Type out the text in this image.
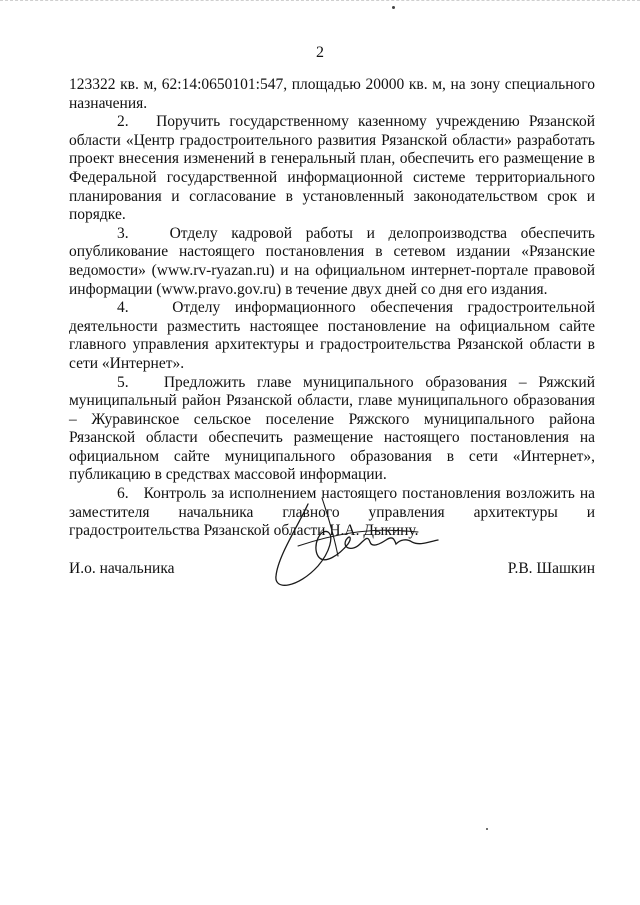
2

123322 кв. м, 62:14:0650101:547, площадью 20000 кв. м, на зону специального назначения.

2.   Поручить государственному казенному учреждению Рязанской области «Центр градостроительного развития Рязанской области» разработать проект внесения изменений в генеральный план, обеспечить его размещение в Федеральной государственной информационной системе территориального планирования и согласование в установленный законодательством срок и порядке.

3.   Отделу кадровой работы и делопроизводства обеспечить опубликование настоящего постановления в сетевом издании «Рязанские ведомости» (www.rv-ryazan.ru) и на официальном интернет-портале правовой информации (www.pravo.gov.ru) в течение двух дней со дня его издания.

4.   Отделу информационного обеспечения градостроительной деятельности разместить настоящее постановление на официальном сайте главного управления архитектуры и градостроительства Рязанской области в сети «Интернет».

5.   Предложить главе муниципального образования – Ряжский муниципальный район Рязанской области, главе муниципального образования – Журавинское сельское поселение Ряжского муниципального района Рязанской области обеспечить размещение настоящего постановления на официальном сайте муниципального образования в сети «Интернет», публикацию в средствах массовой информации.

6.   Контроль за исполнением настоящего постановления возложить на заместителя начальника главного управления архитектуры и градостроительства Рязанской области Н.А. Дыкину.

И.о. начальника	Р.В. Шашкин
